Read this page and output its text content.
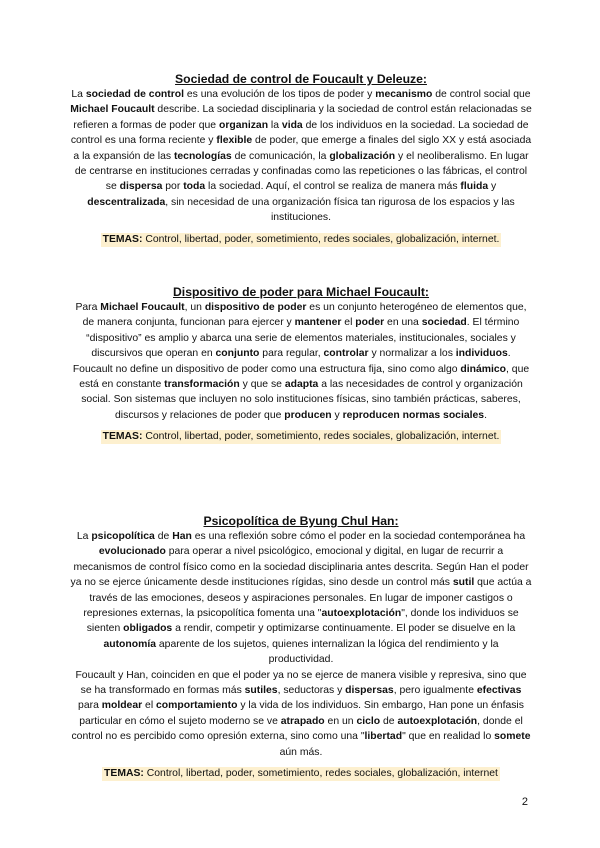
Sociedad de control de Foucault y Deleuze:

La sociedad de control es una evolución de los tipos de poder y mecanismo de control social que Michael Foucault describe. La sociedad disciplinaria y la sociedad de control están relacionadas se refieren a formas de poder que organizan la vida de los individuos en la sociedad. La sociedad de control es una forma reciente y flexible de poder, que emerge a finales del siglo XX y está asociada a la expansión de las tecnologías de comunicación, la globalización y el neoliberalismo. En lugar de centrarse en instituciones cerradas y confinadas como las repeticiones o las fábricas, el control se dispersa por toda la sociedad. Aquí, el control se realiza de manera más fluida y descentralizada, sin necesidad de una organización física tan rigurosa de los espacios y las instituciones.

TEMAS: Control, libertad, poder, sometimiento, redes sociales, globalización, internet.
Dispositivo de poder para Michael Foucault:

Para Michael Foucault, un dispositivo de poder es un conjunto heterogéneo de elementos que, de manera conjunta, funcionan para ejercer y mantener el poder en una sociedad. El término “dispositivo” es amplio y abarca una serie de elementos materiales, institucionales, sociales y discursivos que operan en conjunto para regular, controlar y normalizar a los individuos.

Foucault no define un dispositivo de poder como una estructura fija, sino como algo dinámico, que está en constante transformación y que se adapta a las necesidades de control y organización social. Son sistemas que incluyen no solo instituciones físicas, sino también prácticas, saberes, discursos y relaciones de poder que producen y reproducen normas sociales.

TEMAS: Control, libertad, poder, sometimiento, redes sociales, globalización, internet.
Psicopolítica de Byung Chul Han:

La psicopolítica de Han es una reflexión sobre cómo el poder en la sociedad contemporánea ha evolucionado para operar a nivel psicológico, emocional y digital, en lugar de recurrir a mecanismos de control físico como en la sociedad disciplinaria antes descrita. Según Han el poder ya no se ejerce únicamente desde instituciones rígidas, sino desde un control más sutil que actúa a través de las emociones, deseos y aspiraciones personales. En lugar de imponer castigos o represiones externas, la psicopolítica fomenta una "autoexplotación", donde los individuos se sienten obligados a rendir, competir y optimizarse continuamente. El poder se disuelve en la autonomía aparente de los sujetos, quienes internalizan la lógica del rendimiento y la productividad.

Foucault y Han, coinciden en que el poder ya no se ejerce de manera visible y represiva, sino que se ha transformado en formas más sutiles, seductoras y dispersas, pero igualmente efectivas para moldear el comportamiento y la vida de los individuos. Sin embargo, Han pone un énfasis particular en cómo el sujeto moderno se ve atrapado en un ciclo de autoexplotación, donde el control no es percibido como opresión externa, sino como una "libertad" que en realidad lo somete aún más.

TEMAS: Control, libertad, poder, sometimiento, redes sociales, globalización, internet
2
